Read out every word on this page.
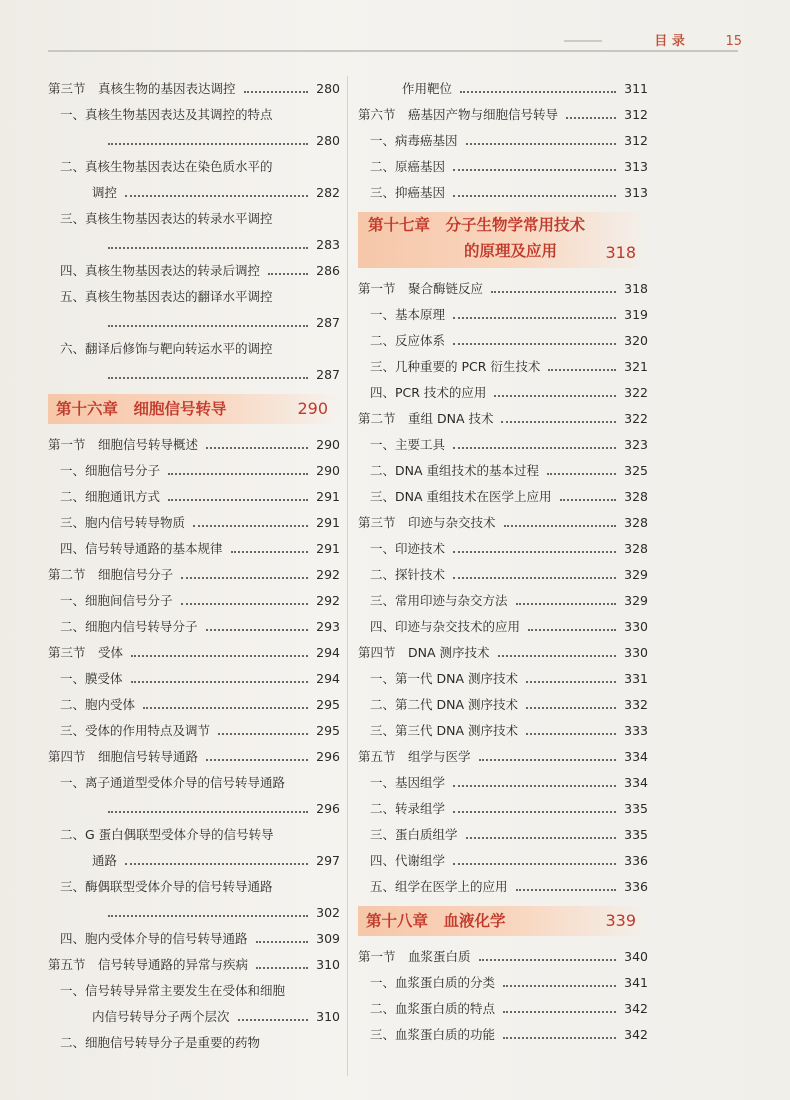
目 录	15
第三节　真核生物的基因表达调控	280
一、真核生物基因表达及其调控的特点
280
二、真核生物基因表达在染色质水平的
调控	282
三、真核生物基因表达的转录水平调控
283
四、真核生物基因表达的转录后调控	286
五、真核生物基因表达的翻译水平调控
287
六、翻译后修饰与靶向转运水平的调控
287
第十六章　细胞信号转导	290
第一节　细胞信号转导概述	290
一、细胞信号分子	290
二、细胞通讯方式	291
三、胞内信号转导物质	291
四、信号转导通路的基本规律	291
第二节　细胞信号分子	292
一、细胞间信号分子	292
二、细胞内信号转导分子	293
第三节　受体	294
一、膜受体	294
二、胞内受体	295
三、受体的作用特点及调节	295
第四节　细胞信号转导通路	296
一、离子通道型受体介导的信号转导通路
296
二、G 蛋白偶联型受体介导的信号转导
通路	297
三、酶偶联型受体介导的信号转导通路
302
四、胞内受体介导的信号转导通路	309
第五节　信号转导通路的异常与疾病	310
一、信号转导异常主要发生在受体和细胞
内信号转导分子两个层次	310
二、细胞信号转导分子是重要的药物
作用靶位	311
第六节　癌基因产物与细胞信号转导	312
一、病毒癌基因	312
二、原癌基因	313
三、抑癌基因	313
第十七章　分子生物学常用技术
的原理及应用	318
第一节　聚合酶链反应	318
一、基本原理	319
二、反应体系	320
三、几种重要的 PCR 衍生技术	321
四、PCR 技术的应用	322
第二节　重组 DNA 技术	322
一、主要工具	323
二、DNA 重组技术的基本过程	325
三、DNA 重组技术在医学上应用	328
第三节　印迹与杂交技术	328
一、印迹技术	328
二、探针技术	329
三、常用印迹与杂交方法	329
四、印迹与杂交技术的应用	330
第四节　DNA 测序技术	330
一、第一代 DNA 测序技术	331
二、第二代 DNA 测序技术	332
三、第三代 DNA 测序技术	333
第五节　组学与医学	334
一、基因组学	334
二、转录组学	335
三、蛋白质组学	335
四、代谢组学	336
五、组学在医学上的应用	336
第十八章　血液化学	339
第一节　血浆蛋白质	340
一、血浆蛋白质的分类	341
二、血浆蛋白质的特点	342
三、血浆蛋白质的功能	342
